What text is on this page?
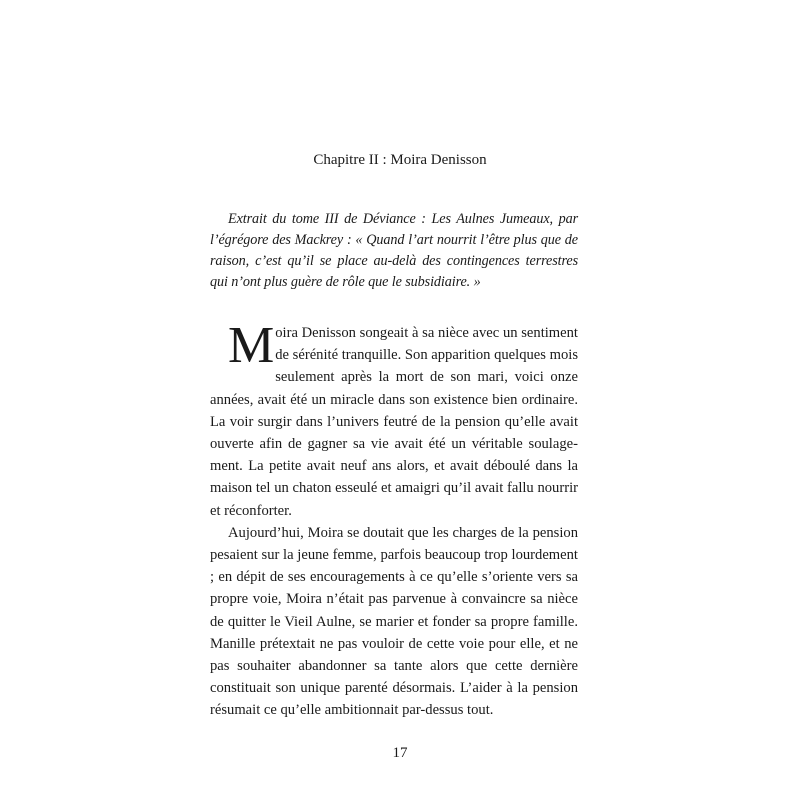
Chapitre II : Moira Denisson
Extrait du tome III de Déviance : Les Aulnes Jumeaux, par l’égrégore des Mackrey : « Quand l’art nourrit l’être plus que de raison, c’est qu’il se place au-delà des contingences terrestres qui n’ont plus guère de rôle que le subsidiaire. »

Moira Denisson songeait à sa nièce avec un sentiment de sérénité tranquille. Son apparition quelques mois seulement après la mort de son mari, voici onze années, avait été un miracle dans son existence bien ordinaire. La voir surgir dans l’univers feutré de la pension qu’elle avait ouverte afin de gagner sa vie avait été un véritable soulagement. La petite avait neuf ans alors, et avait déboulé dans la maison tel un chaton esseulé et amaigri qu’il avait fallu nourrir et réconforter.

Aujourd’hui, Moira se doutait que les charges de la pension pesaient sur la jeune femme, parfois beaucoup trop lourdement ; en dépit de ses encouragements à ce qu’elle s’oriente vers sa propre voie, Moira n’était pas parvenue à convaincre sa nièce de quitter le Vieil Aulne, se marier et fonder sa propre famille. Manille prétextait ne pas vouloir de cette voie pour elle, et ne pas souhaiter abandonner sa tante alors que cette dernière constituait son unique parenté désormais. L’aider à la pension résumait ce qu’elle ambitionnait par-dessus tout.

17
